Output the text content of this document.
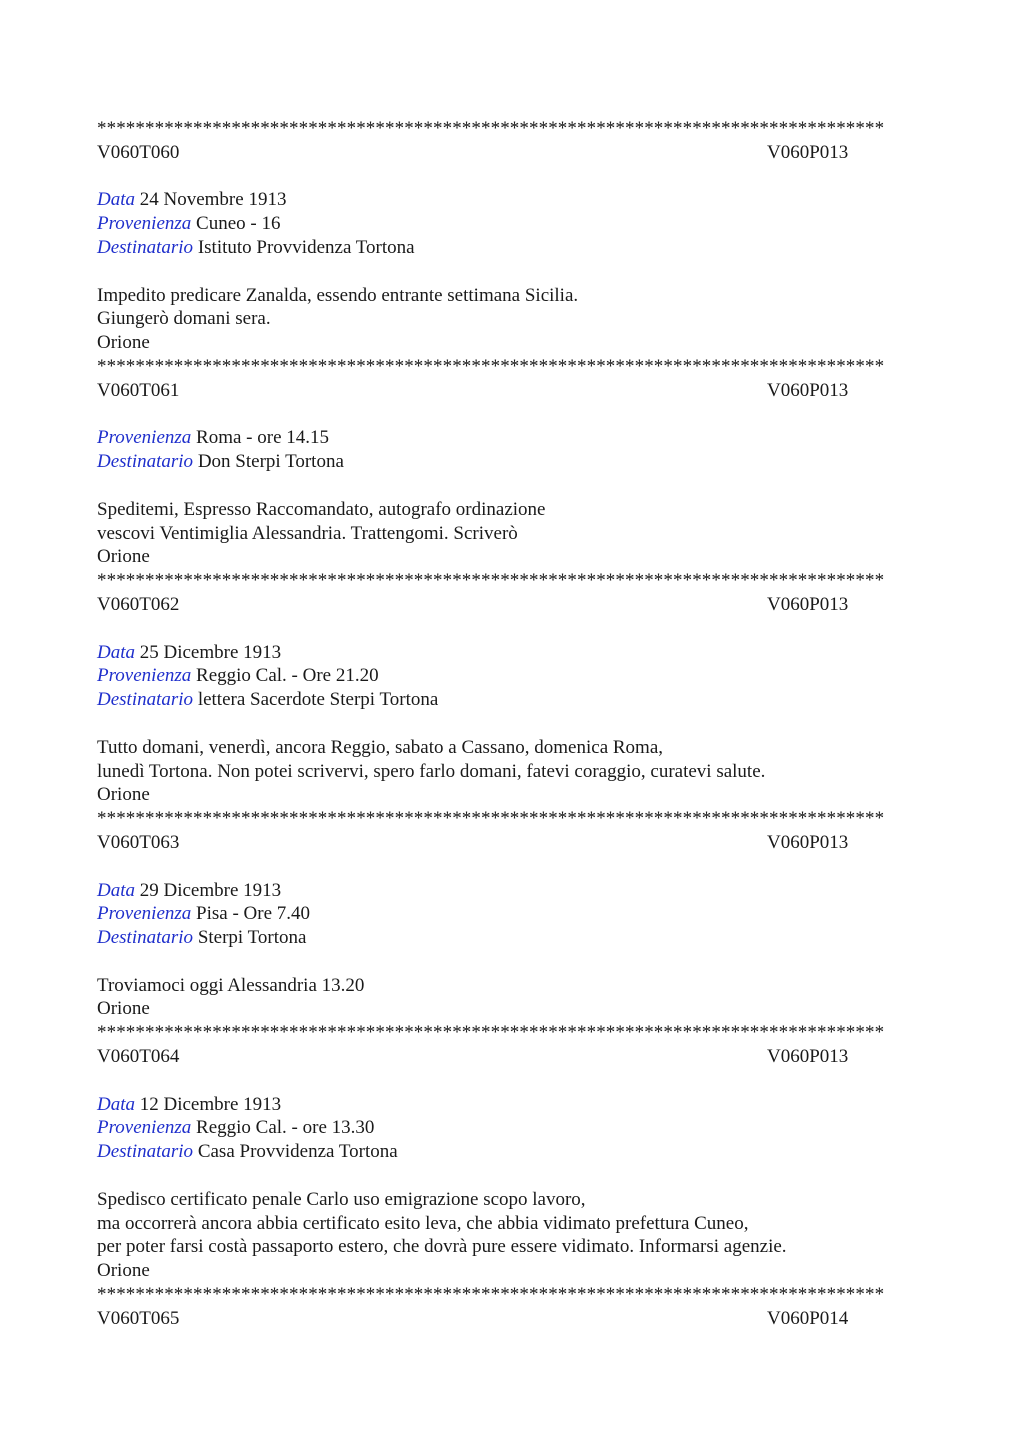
**********************************************************************************
V060T060	V060P013
Data 24 Novembre 1913
Provenienza Cuneo - 16
Destinatario Istituto Provvidenza Tortona
Impedito predicare Zanalda, essendo entrante settimana Sicilia.
Giungerò domani sera.
Orione
**********************************************************************************
V060T061	V060P013
Provenienza Roma - ore 14.15
Destinatario Don Sterpi Tortona
Speditemi, Espresso Raccomandato, autografo ordinazione
vescovi Ventimiglia Alessandria. Trattengomi. Scriverò
Orione
**********************************************************************************
V060T062	V060P013
Data 25 Dicembre 1913
Provenienza Reggio Cal. - Ore 21.20
Destinatario lettera Sacerdote Sterpi Tortona
Tutto domani, venerdì, ancora Reggio, sabato a Cassano, domenica Roma,
lunedì Tortona. Non potei scrivervi, spero farlo domani, fatevi coraggio, curatevi salute.
Orione
**********************************************************************************
V060T063	V060P013
Data 29 Dicembre 1913
Provenienza Pisa - Ore 7.40
Destinatario Sterpi Tortona
Troviamoci oggi Alessandria 13.20
Orione
**********************************************************************************
V060T064	V060P013
Data 12 Dicembre 1913
Provenienza Reggio Cal. - ore 13.30
Destinatario Casa Provvidenza Tortona
Spedisco certificato penale Carlo uso emigrazione scopo lavoro,
ma occorrerà ancora abbia certificato esito leva, che abbia vidimato prefettura Cuneo,
per poter farsi costà passaporto estero, che dovrà pure essere vidimato. Informarsi agenzie.
Orione
**********************************************************************************
V060T065	V060P014
